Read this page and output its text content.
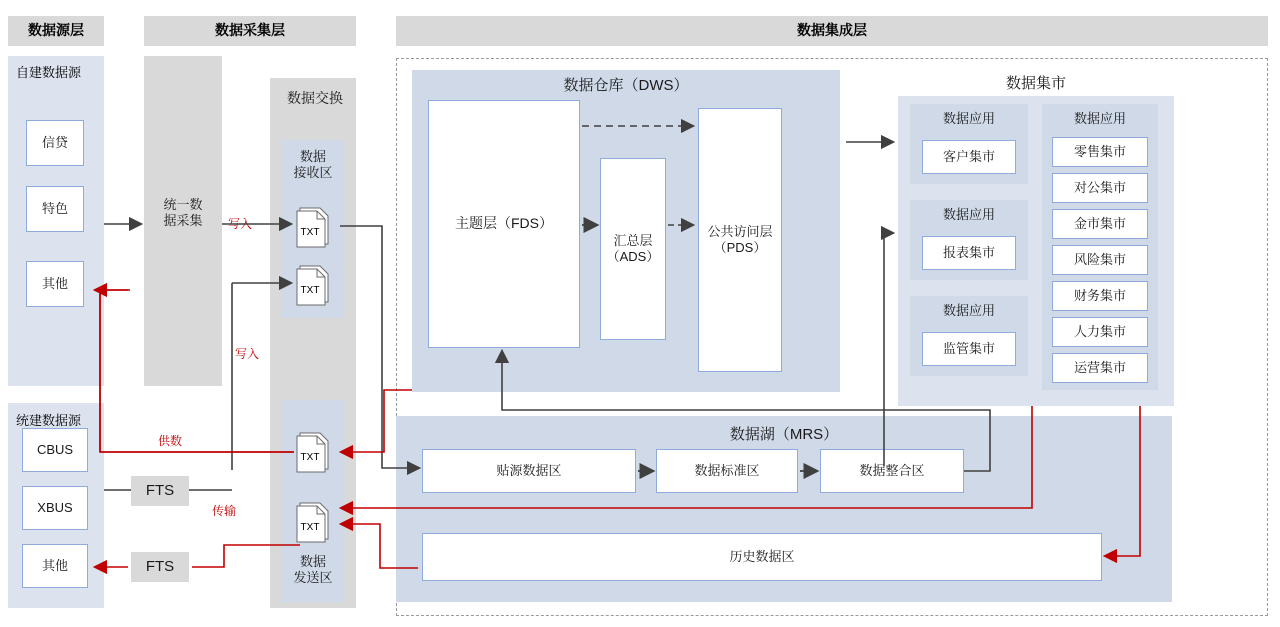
数据源层	数据采集层	数据集成层
自建数据源
信贷
特色
其他
统建数据源
CBUS
XBUS
其他
统一数
据采集
数据交换
数据
接收区
数据
发送区
TXT
TXT
TXT
TXT
FTS
FTS
数据仓库（DWS）
主题层（FDS）
汇总层
（ADS）
公共访问层
（PDS）
数据集市
数据应用
客户集市
数据应用
报表集市
数据应用
监管集市
数据应用
零售集市
对公集市
金市集市
风险集市
财务集市
人力集市
运营集市
数据湖（MRS）
贴源数据区	数据标准区	数据整合区
历史数据区
写入
写入
供数
传输
